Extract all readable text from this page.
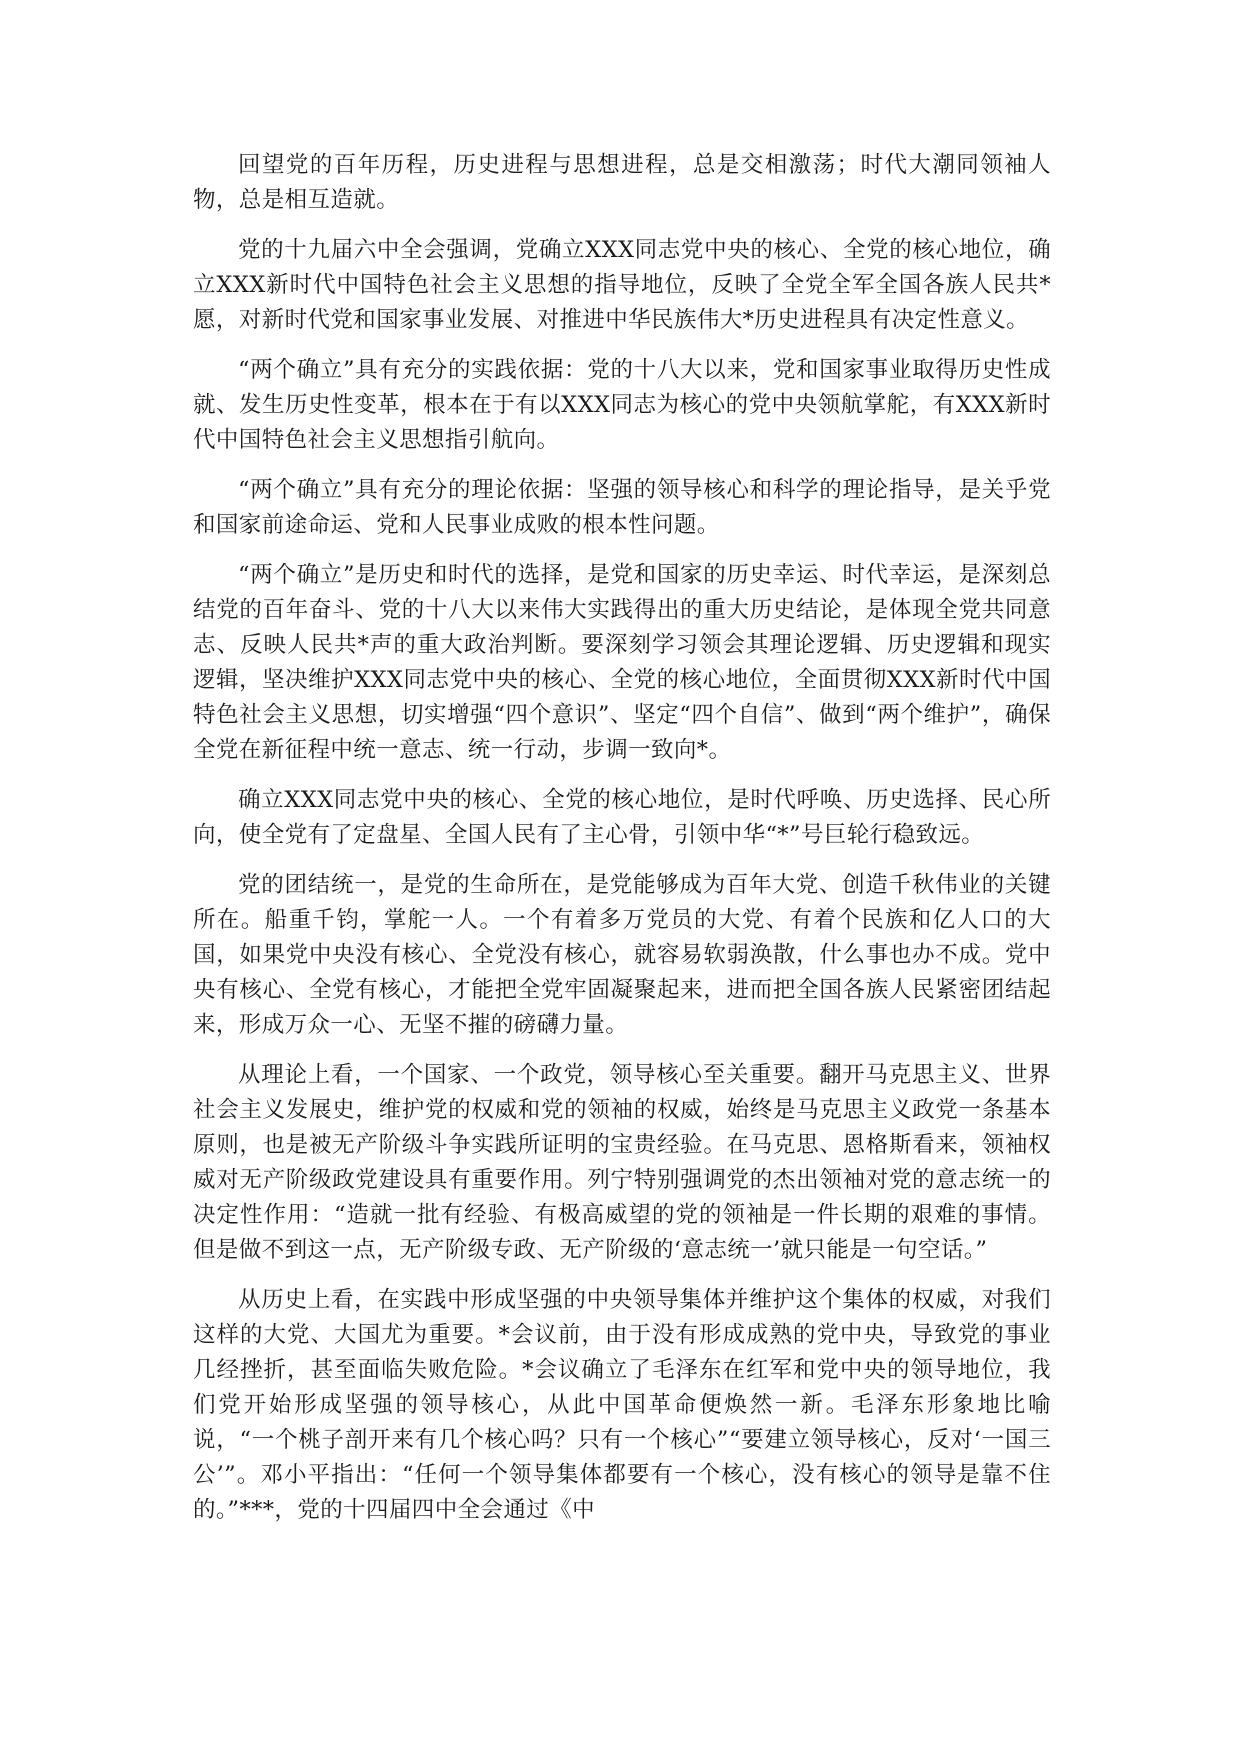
回望党的百年历程，历史进程与思想进程，总是交相激荡；时代大潮同领袖人物，总是相互造就。

党的十九届六中全会强调，党确立XXX同志党中央的核心、全党的核心地位，确立XXX新时代中国特色社会主义思想的指导地位，反映了全党全军全国各族人民共*愿，对新时代党和国家事业发展、对推进中华民族伟大*历史进程具有决定性意义。

“两个确立”具有充分的实践依据：党的十八大以来，党和国家事业取得历史性成就、发生历史性变革，根本在于有以XXX同志为核心的党中央领航掌舵，有XXX新时代中国特色社会主义思想指引航向。

“两个确立”具有充分的理论依据：坚强的领导核心和科学的理论指导，是关乎党和国家前途命运、党和人民事业成败的根本性问题。

“两个确立”是历史和时代的选择，是党和国家的历史幸运、时代幸运，是深刻总结党的百年奋斗、党的十八大以来伟大实践得出的重大历史结论，是体现全党共同意志、反映人民共*声的重大政治判断。要深刻学习领会其理论逻辑、历史逻辑和现实逻辑，坚决维护XXX同志党中央的核心、全党的核心地位，全面贯彻XXX新时代中国特色社会主义思想，切实增强“四个意识”、坚定“四个自信”、做到“两个维护”，确保全党在新征程中统一意志、统一行动，步调一致向*。

确立XXX同志党中央的核心、全党的核心地位，是时代呼唤、历史选择、民心所向，使全党有了定盘星、全国人民有了主心骨，引领中华“*”号巨轮行稳致远。

党的团结统一，是党的生命所在，是党能够成为百年大党、创造千秋伟业的关键所在。船重千钧，掌舵一人。一个有着多万党员的大党、有着个民族和亿人口的大国，如果党中央没有核心、全党没有核心，就容易软弱涣散，什么事也办不成。党中央有核心、全党有核心，才能把全党牢固凝聚起来，进而把全国各族人民紧密团结起来，形成万众一心、无坚不摧的磅礴力量。

从理论上看，一个国家、一个政党，领导核心至关重要。翻开马克思主义、世界社会主义发展史，维护党的权威和党的领袖的权威，始终是马克思主义政党一条基本原则，也是被无产阶级斗争实践所证明的宝贵经验。在马克思、恩格斯看来，领袖权威对无产阶级政党建设具有重要作用。列宁特别强调党的杰出领袖对党的意志统一的决定性作用：“造就一批有经验、有极高威望的党的领袖是一件长期的艰难的事情。但是做不到这一点，无产阶级专政、无产阶级的‘意志统一’就只能是一句空话。”

从历史上看，在实践中形成坚强的中央领导集体并维护这个集体的权威，对我们这样的大党、大国尤为重要。*会议前，由于没有形成成熟的党中央，导致党的事业几经挫折，甚至面临失败危险。*会议确立了毛泽东在红军和党中央的领导地位，我们党开始形成坚强的领导核心，从此中国革命便焕然一新。毛泽东形象地比喻说，“一个桃子剖开来有几个核心吗？只有一个核心”“要建立领导核心，反对‘一国三公’”。邓小平指出：“任何一个领导集体都要有一个核心，没有核心的领导是靠不住的。”***，党的十四届四中全会通过《中
